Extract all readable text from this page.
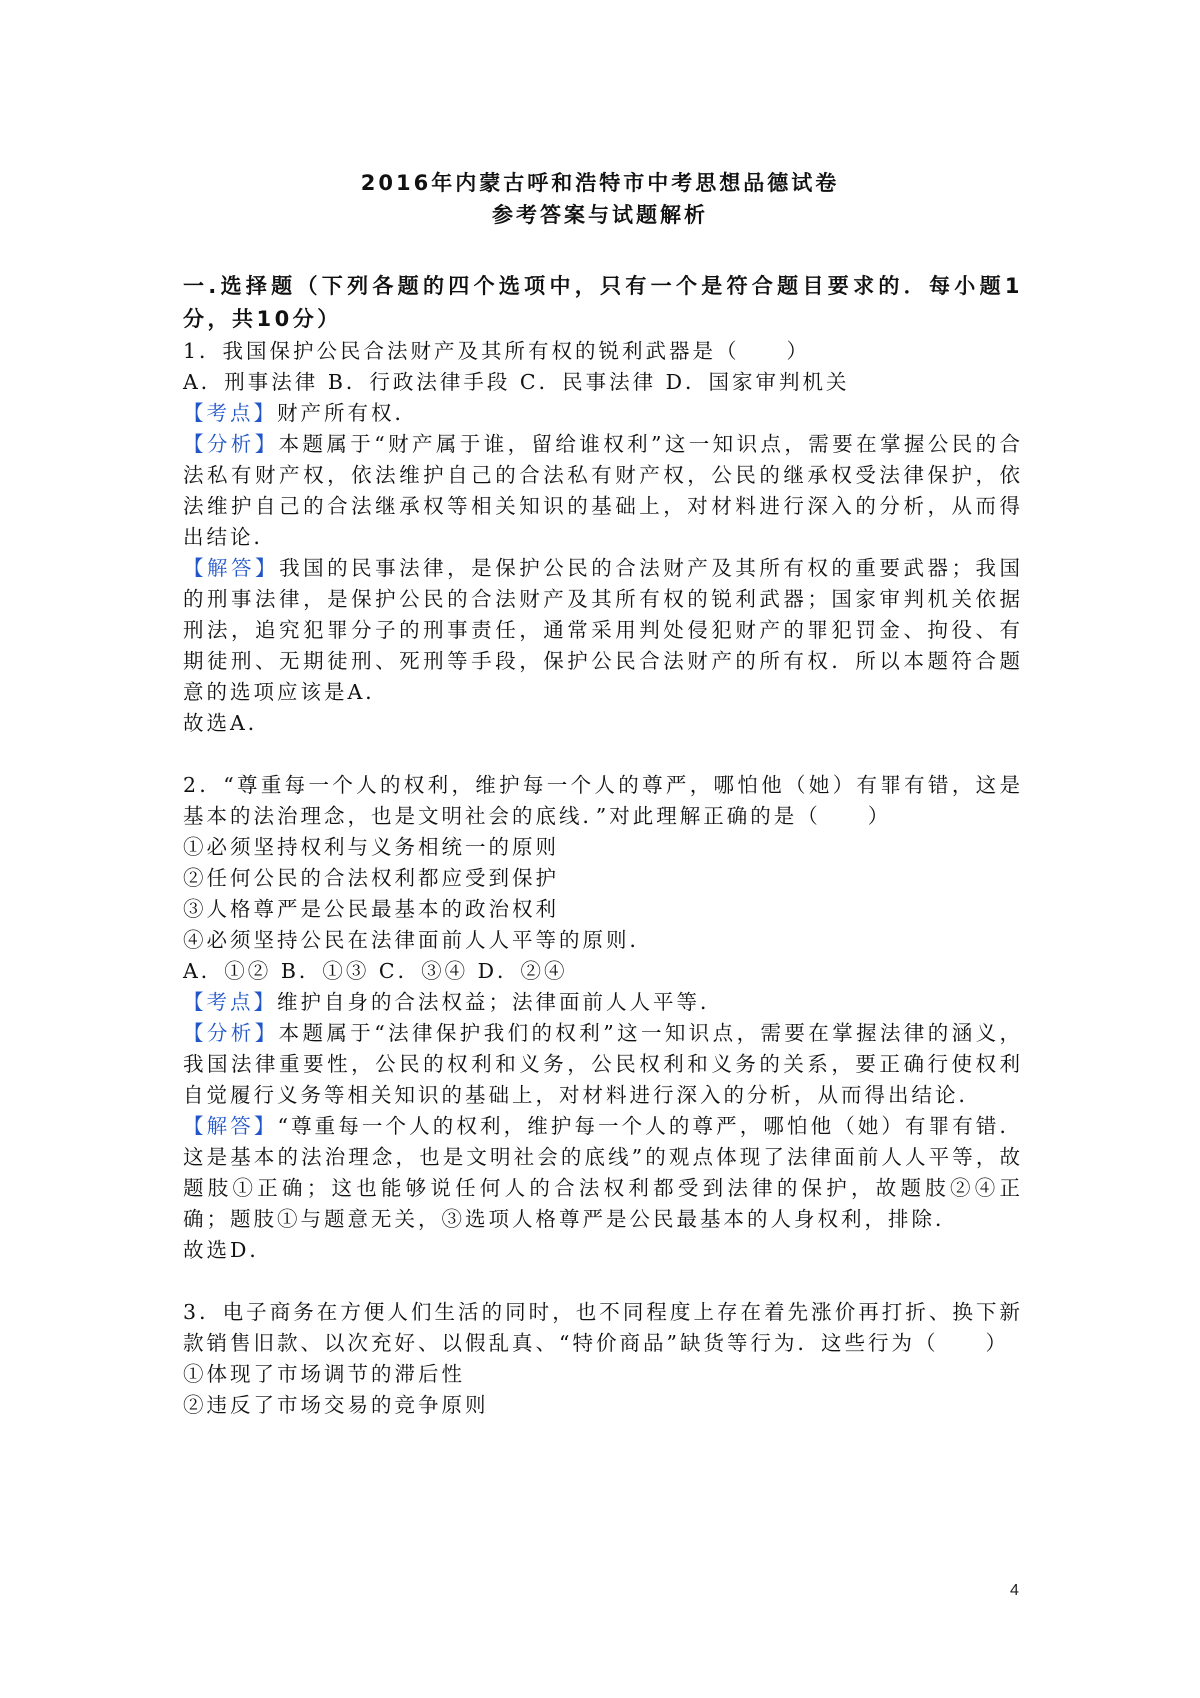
2016年内蒙古呼和浩特市中考思想品德试卷
参考答案与试题解析

一.选择题（下列各题的四个选项中，只有一个是符合题目要求的．每小题1分，共10分）

1．我国保护公民合法财产及其所有权的锐利武器是（　　）

A．刑事法律 B．行政法律手段 C．民事法律 D．国家审判机关

【考点】财产所有权．

【分析】本题属于“财产属于谁，留给谁权利”这一知识点，需要在掌握公民的合法私有财产权，依法维护自己的合法私有财产权，公民的继承权受法律保护，依法维护自己的合法继承权等相关知识的基础上，对材料进行深入的分析，从而得出结论．

【解答】我国的民事法律，是保护公民的合法财产及其所有权的重要武器；我国的刑事法律，是保护公民的合法财产及其所有权的锐利武器；国家审判机关依据刑法，追究犯罪分子的刑事责任，通常采用判处侵犯财产的罪犯罚金、拘役、有期徒刑、无期徒刑、死刑等手段，保护公民合法财产的所有权．所以本题符合题意的选项应该是A．

故选A．

2．“尊重每一个人的权利，维护每一个人的尊严，哪怕他（她）有罪有错，这是基本的法治理念，也是文明社会的底线．”对此理解正确的是（　　）

①必须坚持权利与义务相统一的原则

②任何公民的合法权利都应受到保护

③人格尊严是公民最基本的政治权利

④必须坚持公民在法律面前人人平等的原则．

A．①② B．①③ C．③④ D．②④

【考点】维护自身的合法权益；法律面前人人平等．

【分析】本题属于“法律保护我们的权利”这一知识点，需要在掌握法律的涵义，我国法律重要性，公民的权利和义务，公民权利和义务的关系，要正确行使权利自觉履行义务等相关知识的基础上，对材料进行深入的分析，从而得出结论．

【解答】“尊重每一个人的权利，维护每一个人的尊严，哪怕他（她）有罪有错．这是基本的法治理念，也是文明社会的底线”的观点体现了法律面前人人平等，故题肢①正确；这也能够说任何人的合法权利都受到法律的保护，故题肢②④正确；题肢①与题意无关，③选项人格尊严是公民最基本的人身权利，排除．

故选D．

3．电子商务在方便人们生活的同时，也不同程度上存在着先涨价再打折、换下新款销售旧款、以次充好、以假乱真、“特价商品”缺货等行为．这些行为（　　）

①体现了市场调节的滞后性

②违反了市场交易的竞争原则

4
